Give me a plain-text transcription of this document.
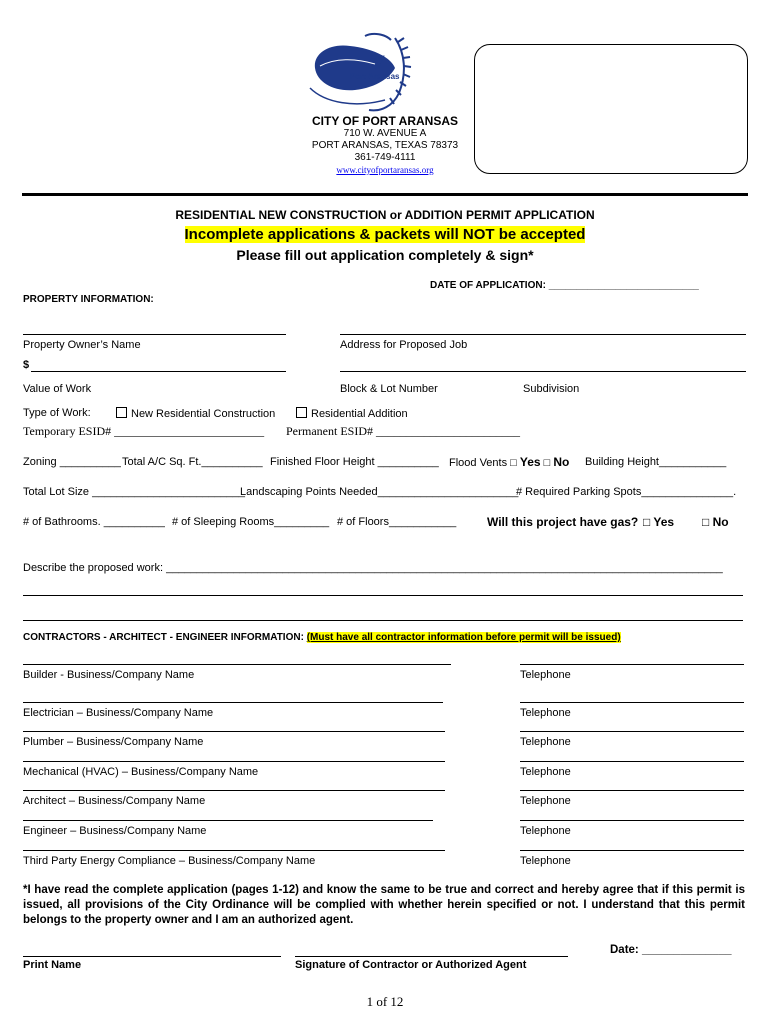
City
of
Port Aransas
CITY OF PORT ARANSAS
710 W. AVENUE A
PORT ARANSAS, TEXAS 78373
361-749-4111
www.cityofportaransas.org
RESIDENTIAL NEW CONSTRUCTION or ADDITION PERMIT APPLICATION
Incomplete applications & packets will NOT be accepted
Please fill out application completely & sign*
DATE OF APPLICATION: ___________________________
PROPERTY INFORMATION:
Property Owner’s Name	Address for Proposed Job
$
Value of Work	Block & Lot Number	Subdivision
Type of Work:	New Residential Construction	Residential Addition
Temporary ESID# _________________________ Permanent ESID# ________________________
Zoning __________ Total A/C Sq. Ft.__________ Finished Floor Height __________ Flood Vents □ Yes □ No Building Height___________
Total Lot Size _________________________
Landscaping Points Needed_______________________
# Required Parking Spots_______________.
# of Bathrooms. __________ # of Sleeping Rooms_________ # of Floors___________	Will this project have gas? □ Yes □ No
Describe the proposed work: ___________________________________________________________________________________________
CONTRACTORS - ARCHITECT - ENGINEER INFORMATION: (Must have all contractor information before permit will be issued)
Builder - Business/Company Name	Telephone
Electrician – Business/Company Name	Telephone
Plumber – Business/Company Name	Telephone
Mechanical (HVAC) – Business/Company Name	Telephone
Architect – Business/Company Name	Telephone
Engineer – Business/Company Name	Telephone
Third Party Energy Compliance – Business/Company Name	Telephone
*I have read the complete application (pages 1-12) and know the same to be true and correct and hereby agree that if this permit is issued, all provisions of the City Ordinance will be complied with whether herein specified or not. I understand that this permit belongs to the property owner and I am an authorized agent.
Date: ______________
Print Name	Signature of Contractor or Authorized Agent
1 of 12
